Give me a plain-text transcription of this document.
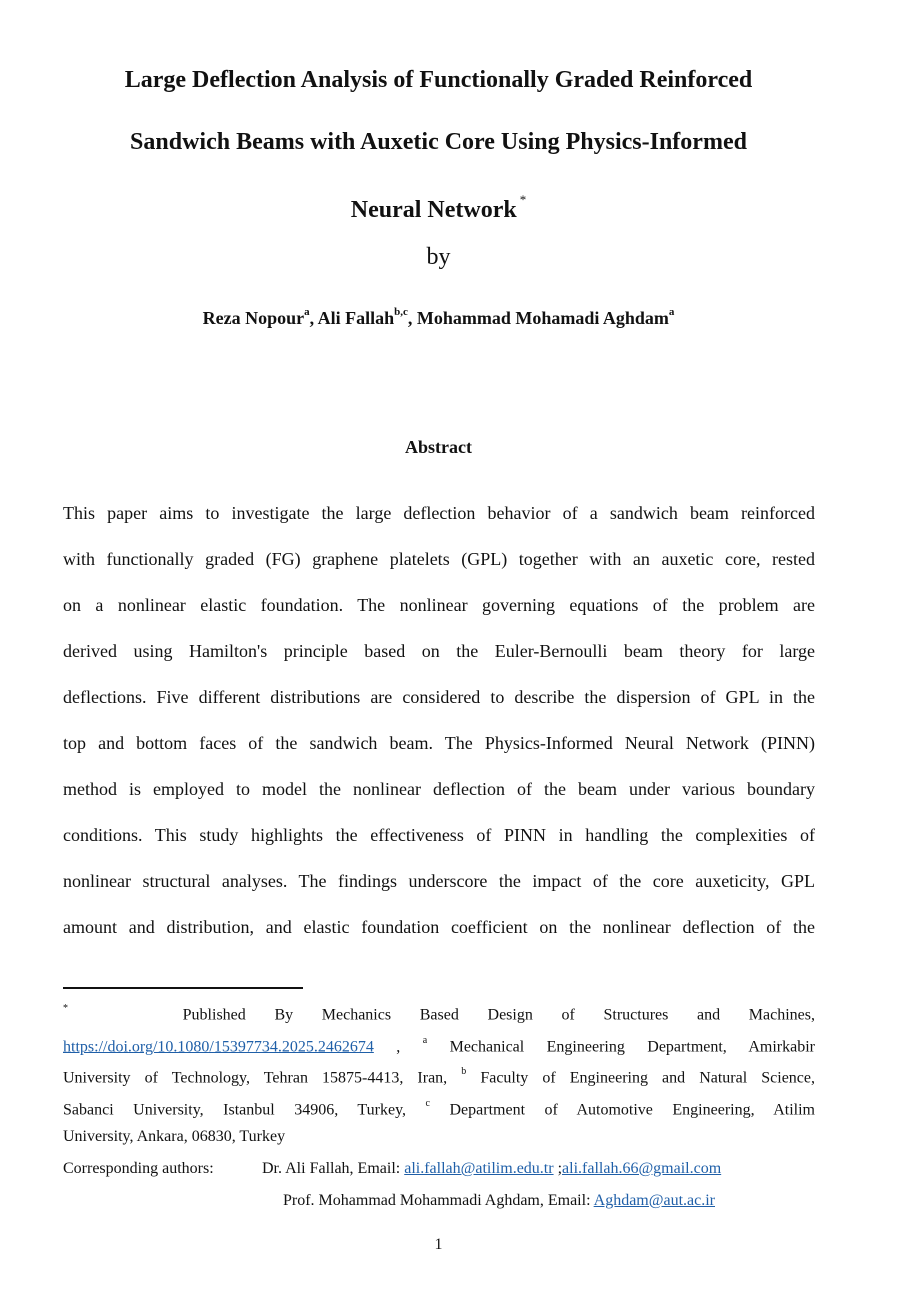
Large Deflection Analysis of Functionally Graded Reinforced
Sandwich Beams with Auxetic Core Using Physics-Informed
Neural Network *
by
Reza Nopour$^a$, Ali Fallah$^{b,c}$, Mohammad Mohamadi Aghdam$^a$
Abstract
This paper aims to investigate the large deflection behavior of a sandwich beam reinforced
with functionally graded (FG) graphene platelets (GPL) together with an auxetic core, rested
on a nonlinear elastic foundation. The nonlinear governing equations of the problem are
derived using Hamilton's principle based on the Euler-Bernoulli beam theory for large
deflections. Five different distributions are considered to describe the dispersion of GPL in the
top and bottom faces of the sandwich beam. The Physics-Informed Neural Network (PINN)
method is employed to model the nonlinear deflection of the beam under various boundary
conditions. This study highlights the effectiveness of PINN in handling the complexities of
nonlinear structural analyses. The findings underscore the impact of the core auxeticity, GPL
amount and distribution, and elastic foundation coefficient on the nonlinear deflection of the
*	Published By Mechanics Based Design of Structures and Machines,
https://doi.org/10.1080/15397734.2025.2462674 , $^a$ Mechanical Engineering Department, Amirkabir
University of Technology, Tehran 15875-4413, Iran, $^b$ Faculty of Engineering and Natural Science,
Sabanci University, Istanbul 34906, Turkey, $^c$ Department of Automotive Engineering, Atilim
University, Ankara, 06830, Turkey
Corresponding authors:	Dr. Ali Fallah, Email: ali.fallah@atilim.edu.tr ;ali.fallah.66@gmail.com
Prof. Mohammad Mohammadi Aghdam, Email: Aghdam@aut.ac.ir
1
